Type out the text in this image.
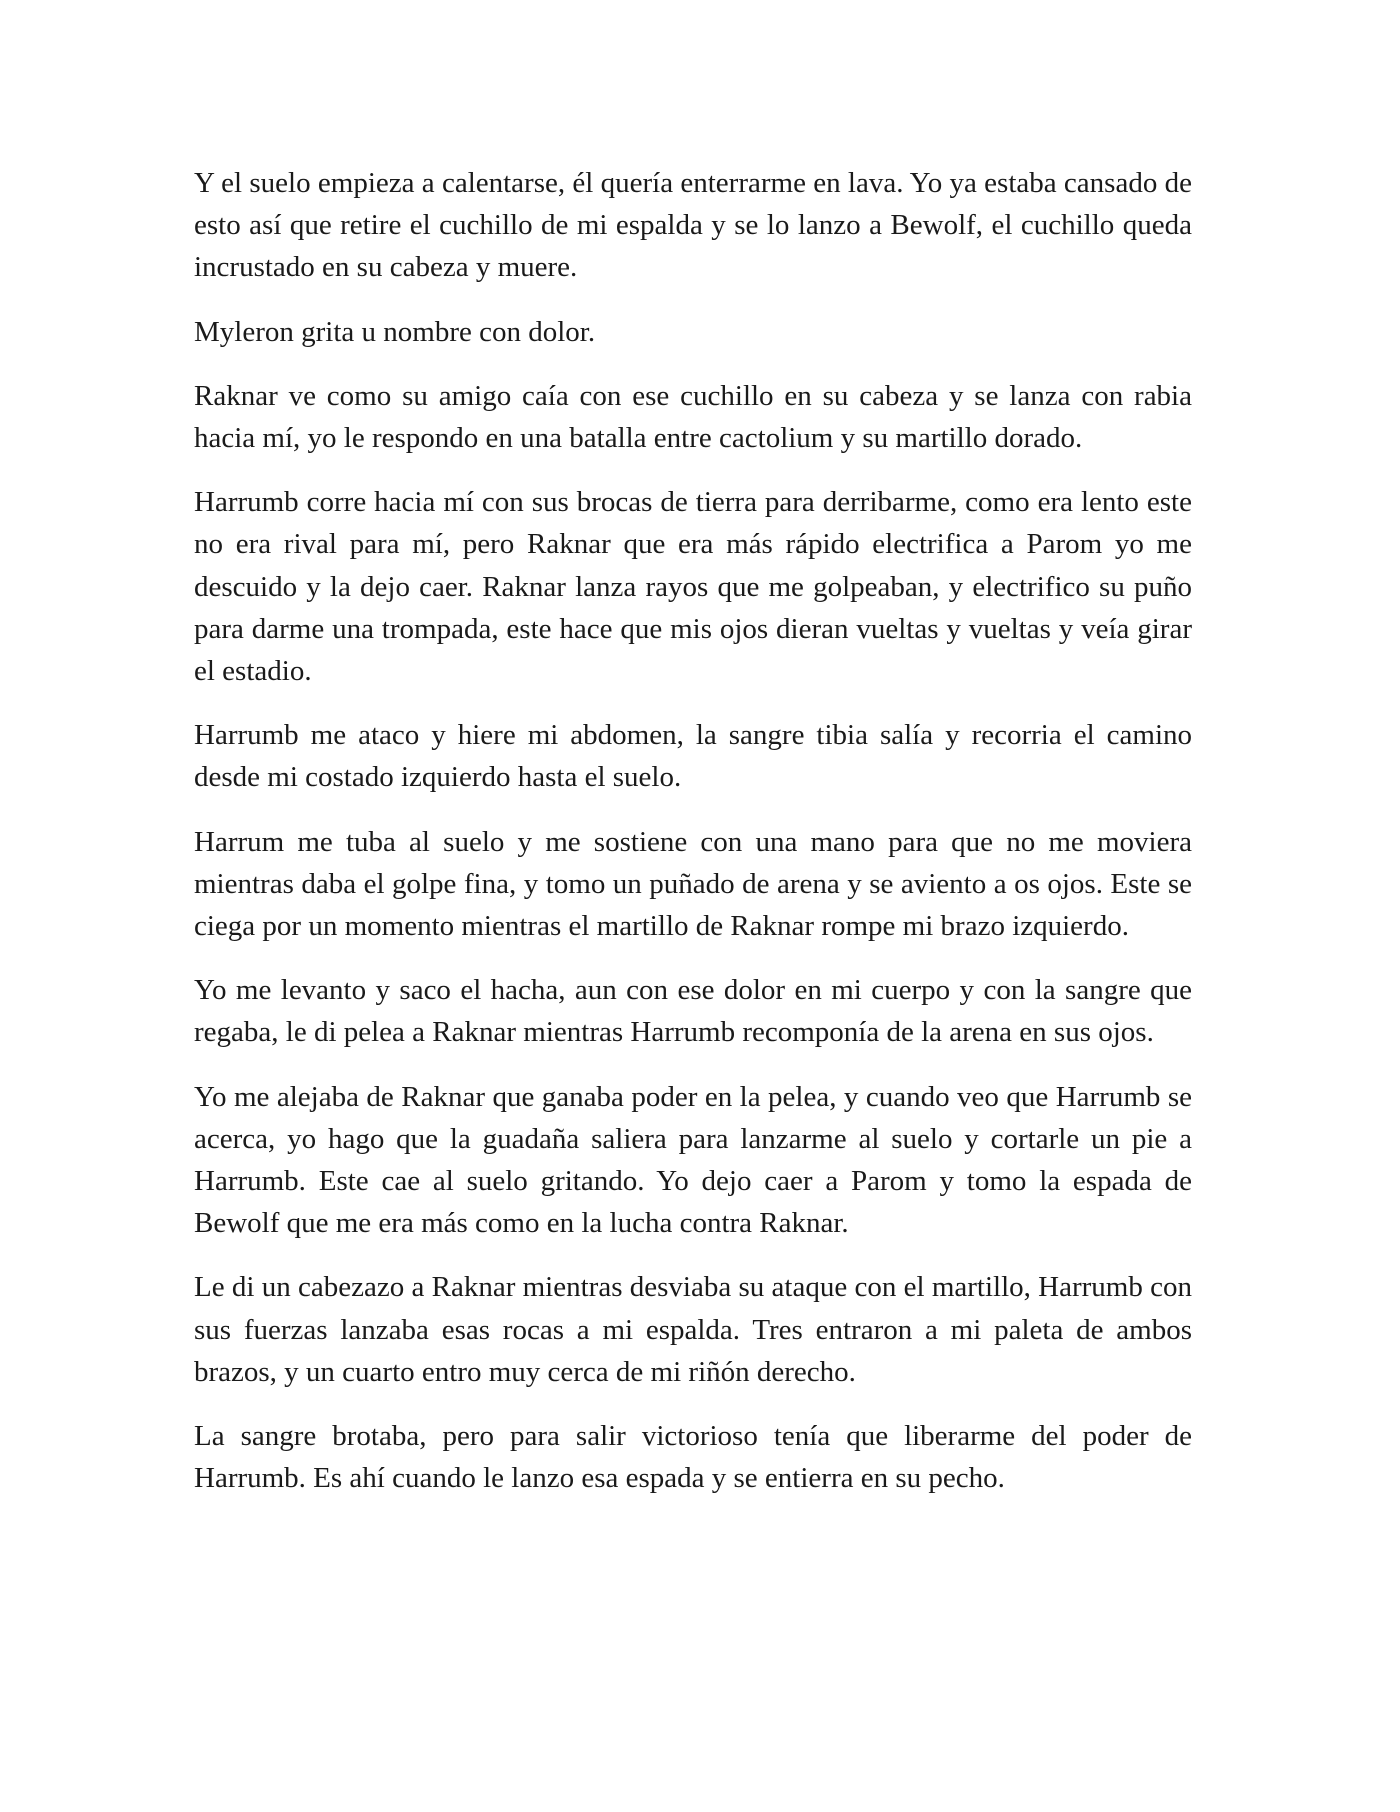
Y el suelo empieza a calentarse, él quería enterrarme en lava. Yo ya estaba cansado de esto así que retire el cuchillo de mi espalda y se lo lanzo a Bewolf, el cuchillo queda incrustado en su cabeza y muere.

Myleron grita u nombre con dolor.

Raknar ve como su amigo caía con ese cuchillo en su cabeza y se lanza con rabia hacia mí, yo le respondo en una batalla entre cactolium y su martillo dorado.

Harrumb corre hacia mí con sus brocas de tierra para derribarme, como era lento este no era rival para mí, pero Raknar que era más rápido electrifica a Parom yo me descuido y la dejo caer. Raknar lanza rayos que me golpeaban, y electrifico su puño para darme una trompada, este hace que mis ojos dieran vueltas y vueltas y veía girar el estadio.

Harrumb me ataco y hiere mi abdomen, la sangre tibia salía y recorria el camino desde mi costado izquierdo hasta el suelo.

Harrum me tuba al suelo y me sostiene con una mano para que no me moviera mientras daba el golpe fina, y tomo un puñado de arena y se aviento a os ojos. Este se ciega por un momento mientras el martillo de Raknar rompe mi brazo izquierdo.

Yo me levanto y saco el hacha, aun con ese dolor en mi cuerpo y con la sangre que regaba, le di pelea a Raknar mientras Harrumb recomponía de la arena en sus ojos.

Yo me alejaba de Raknar que ganaba poder en la pelea, y cuando veo que Harrumb se acerca, yo hago que la guadaña saliera para lanzarme al suelo y cortarle un pie a Harrumb. Este cae al suelo gritando. Yo dejo caer a Parom y tomo la espada de Bewolf que me era más como en la lucha contra Raknar.

Le di un cabezazo a Raknar mientras desviaba su ataque con el martillo, Harrumb con sus fuerzas lanzaba esas rocas a mi espalda. Tres entraron a mi paleta de ambos brazos, y un cuarto entro muy cerca de mi riñón derecho.

La sangre brotaba, pero para salir victorioso tenía que liberarme del poder de Harrumb. Es ahí cuando le lanzo esa espada y se entierra en su pecho.
